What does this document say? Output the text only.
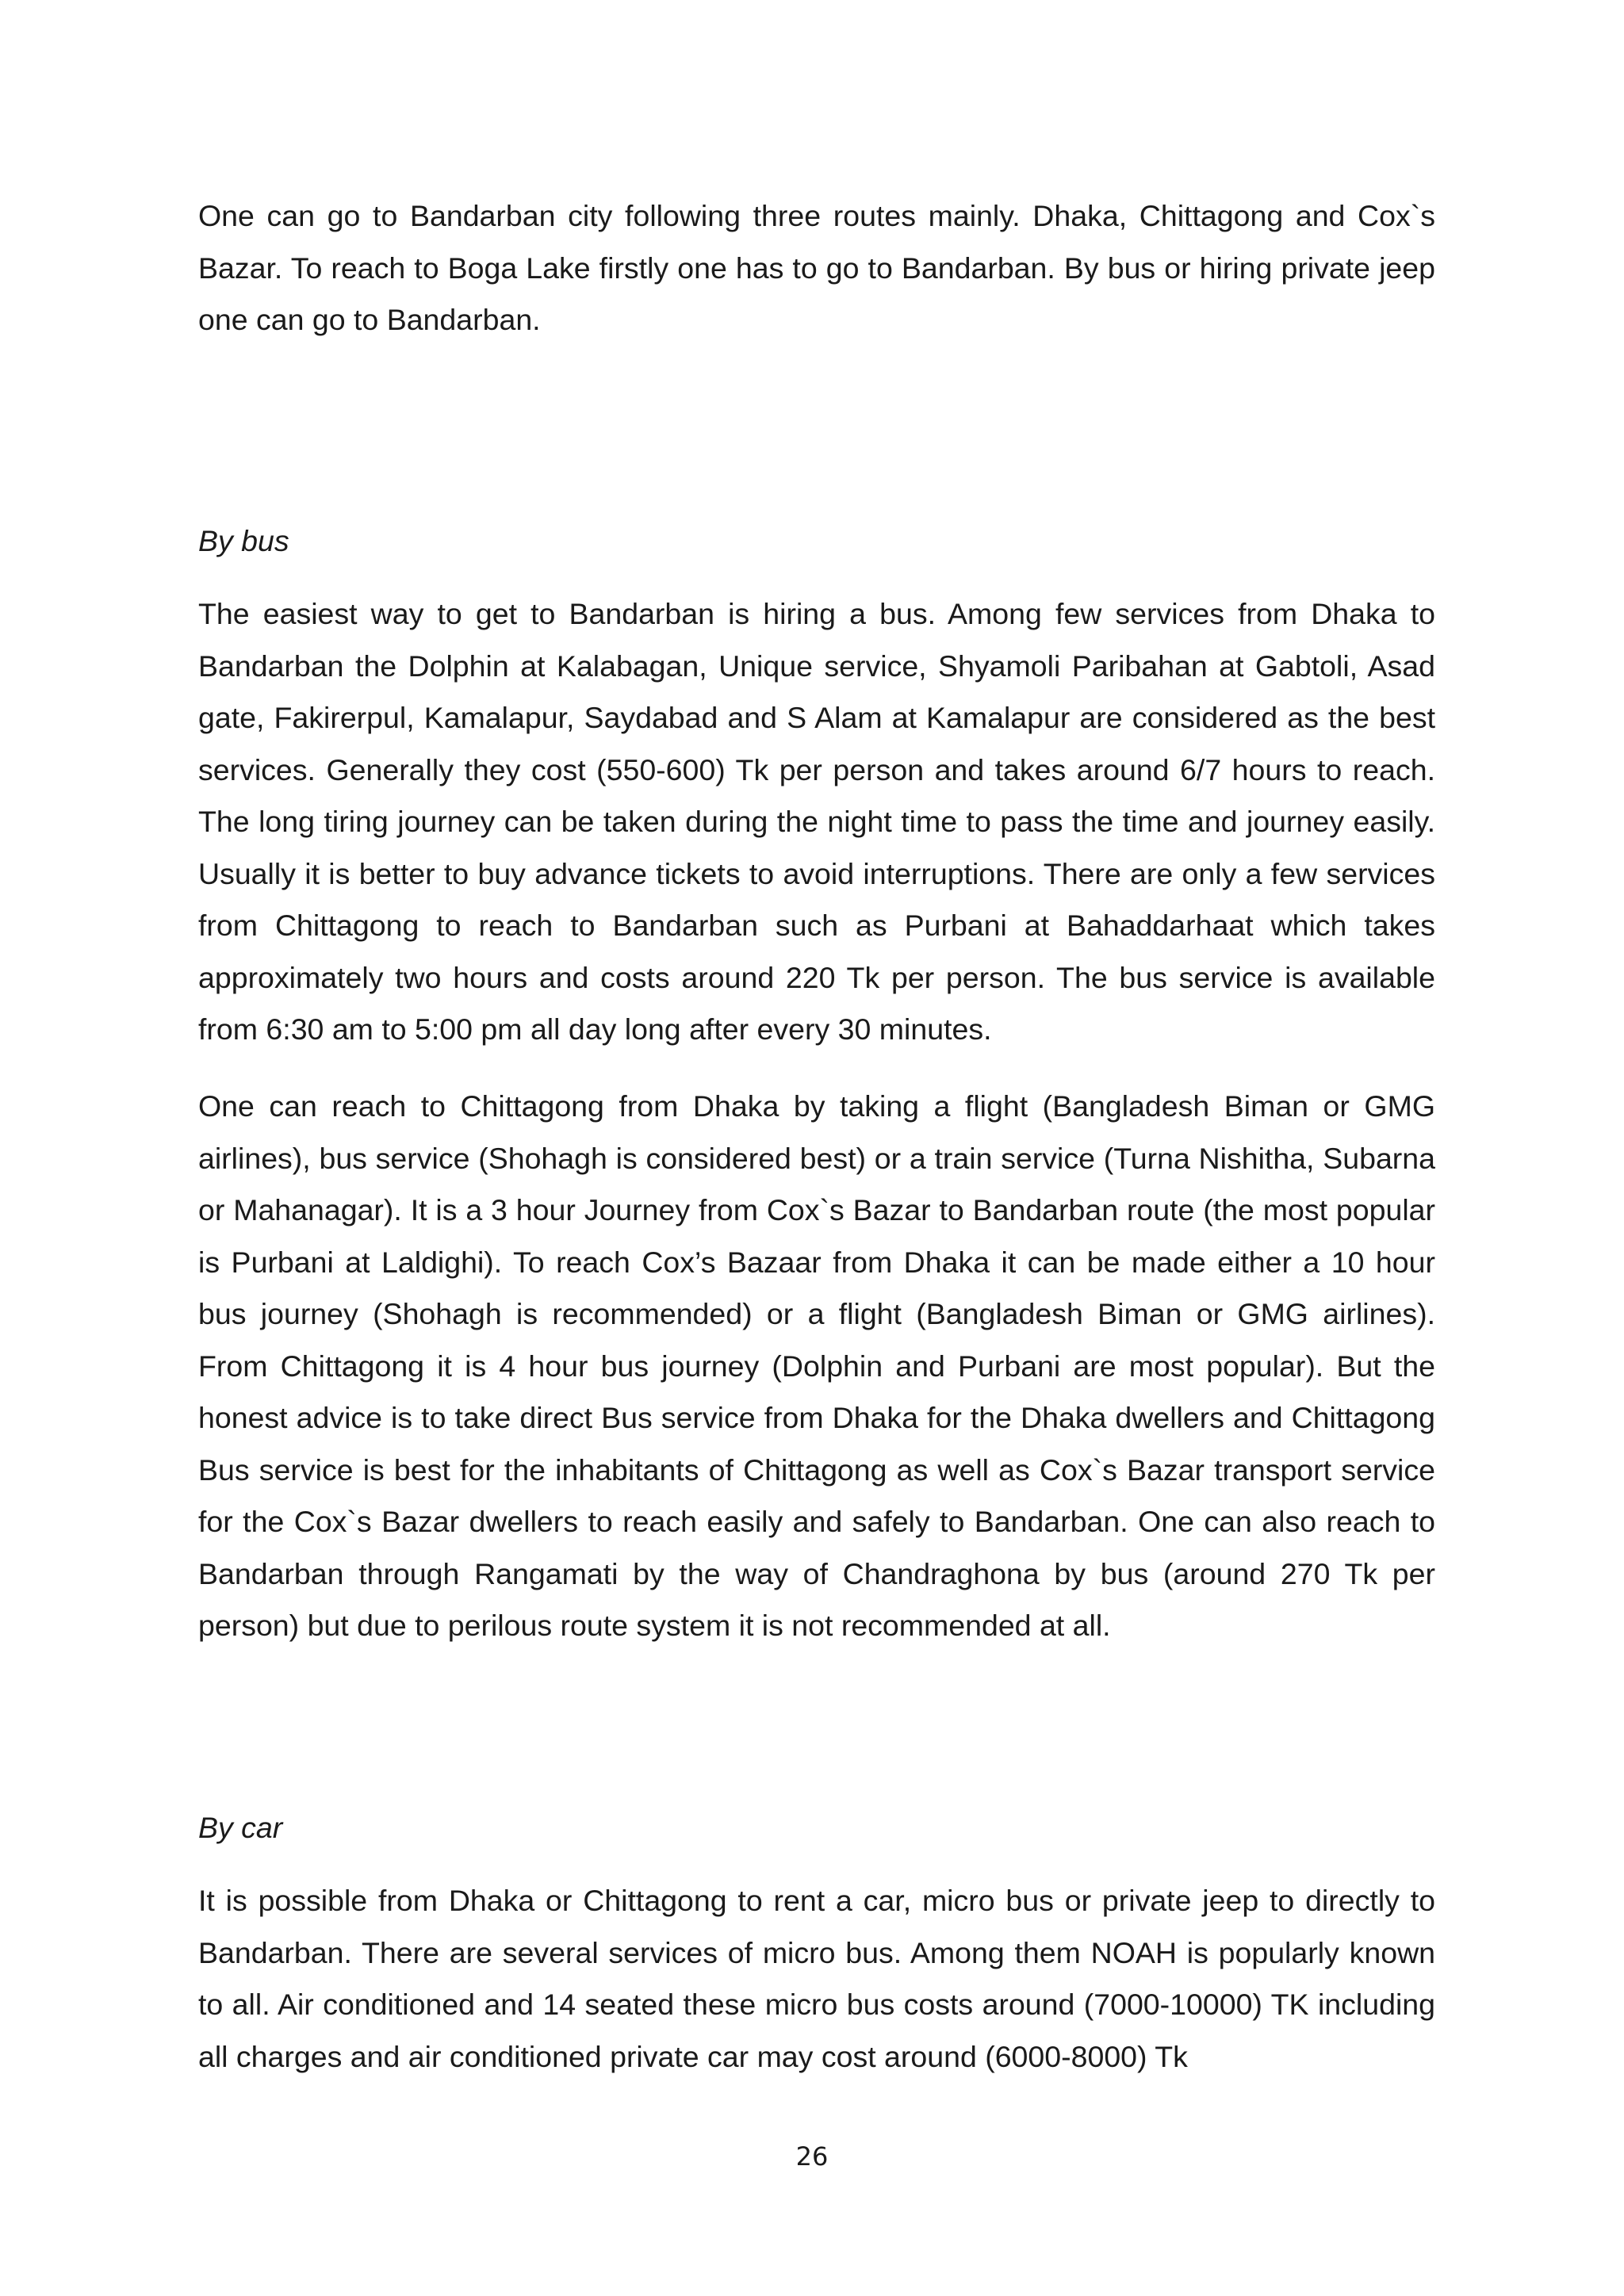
One can go to Bandarban city following three routes mainly. Dhaka, Chittagong and Cox`s Bazar. To reach to Boga Lake firstly one has to go to Bandarban. By bus or hiring private jeep one can go to Bandarban.

By bus

The easiest way to get to Bandarban is hiring a bus. Among few services from Dhaka to Bandarban the Dolphin at Kalabagan, Unique service, Shyamoli Paribahan at Gabtoli, Asad gate, Fakirerpul, Kamalapur, Saydabad and S Alam at Kamalapur are considered as the best services. Generally they cost (550-600) Tk per person and takes around 6/7 hours to reach. The long tiring journey can be taken during the night time to pass the time and journey easily. Usually it is better to buy advance tickets to avoid interruptions. There are only a few services from Chittagong to reach to Bandarban such as Purbani at Bahaddarhaat which takes approximately two hours and costs around 220 Tk per person. The bus service is available from 6:30 am to 5:00 pm all day long after every 30 minutes.

One can reach to Chittagong from Dhaka by taking a flight (Bangladesh Biman or GMG airlines), bus service (Shohagh is considered best) or a train service (Turna Nishitha, Subarna or Mahanagar). It is a 3 hour Journey from Cox`s Bazar to Bandarban route (the most popular is Purbani at Laldighi). To reach Cox’s Bazaar from Dhaka it can be made either a 10 hour bus journey (Shohagh is recommended) or a flight (Bangladesh Biman or GMG airlines). From Chittagong it is 4 hour bus journey (Dolphin and Purbani are most popular). But the honest advice is to take direct Bus service from Dhaka for the Dhaka dwellers and Chittagong Bus service is best for the inhabitants of Chittagong as well as Cox`s Bazar transport service for the Cox`s Bazar dwellers to reach easily and safely to Bandarban. One can also reach to Bandarban through Rangamati by the way of Chandraghona by bus (around 270 Tk per person) but due to perilous route system it is not recommended at all.

By car

It is possible from Dhaka or Chittagong to rent a car, micro bus or private jeep to directly to Bandarban. There are several services of micro bus. Among them NOAH is popularly known to all. Air conditioned and 14 seated these micro bus costs around (7000-10000) TK including all charges and air conditioned private car may cost around (6000-8000) Tk

26
